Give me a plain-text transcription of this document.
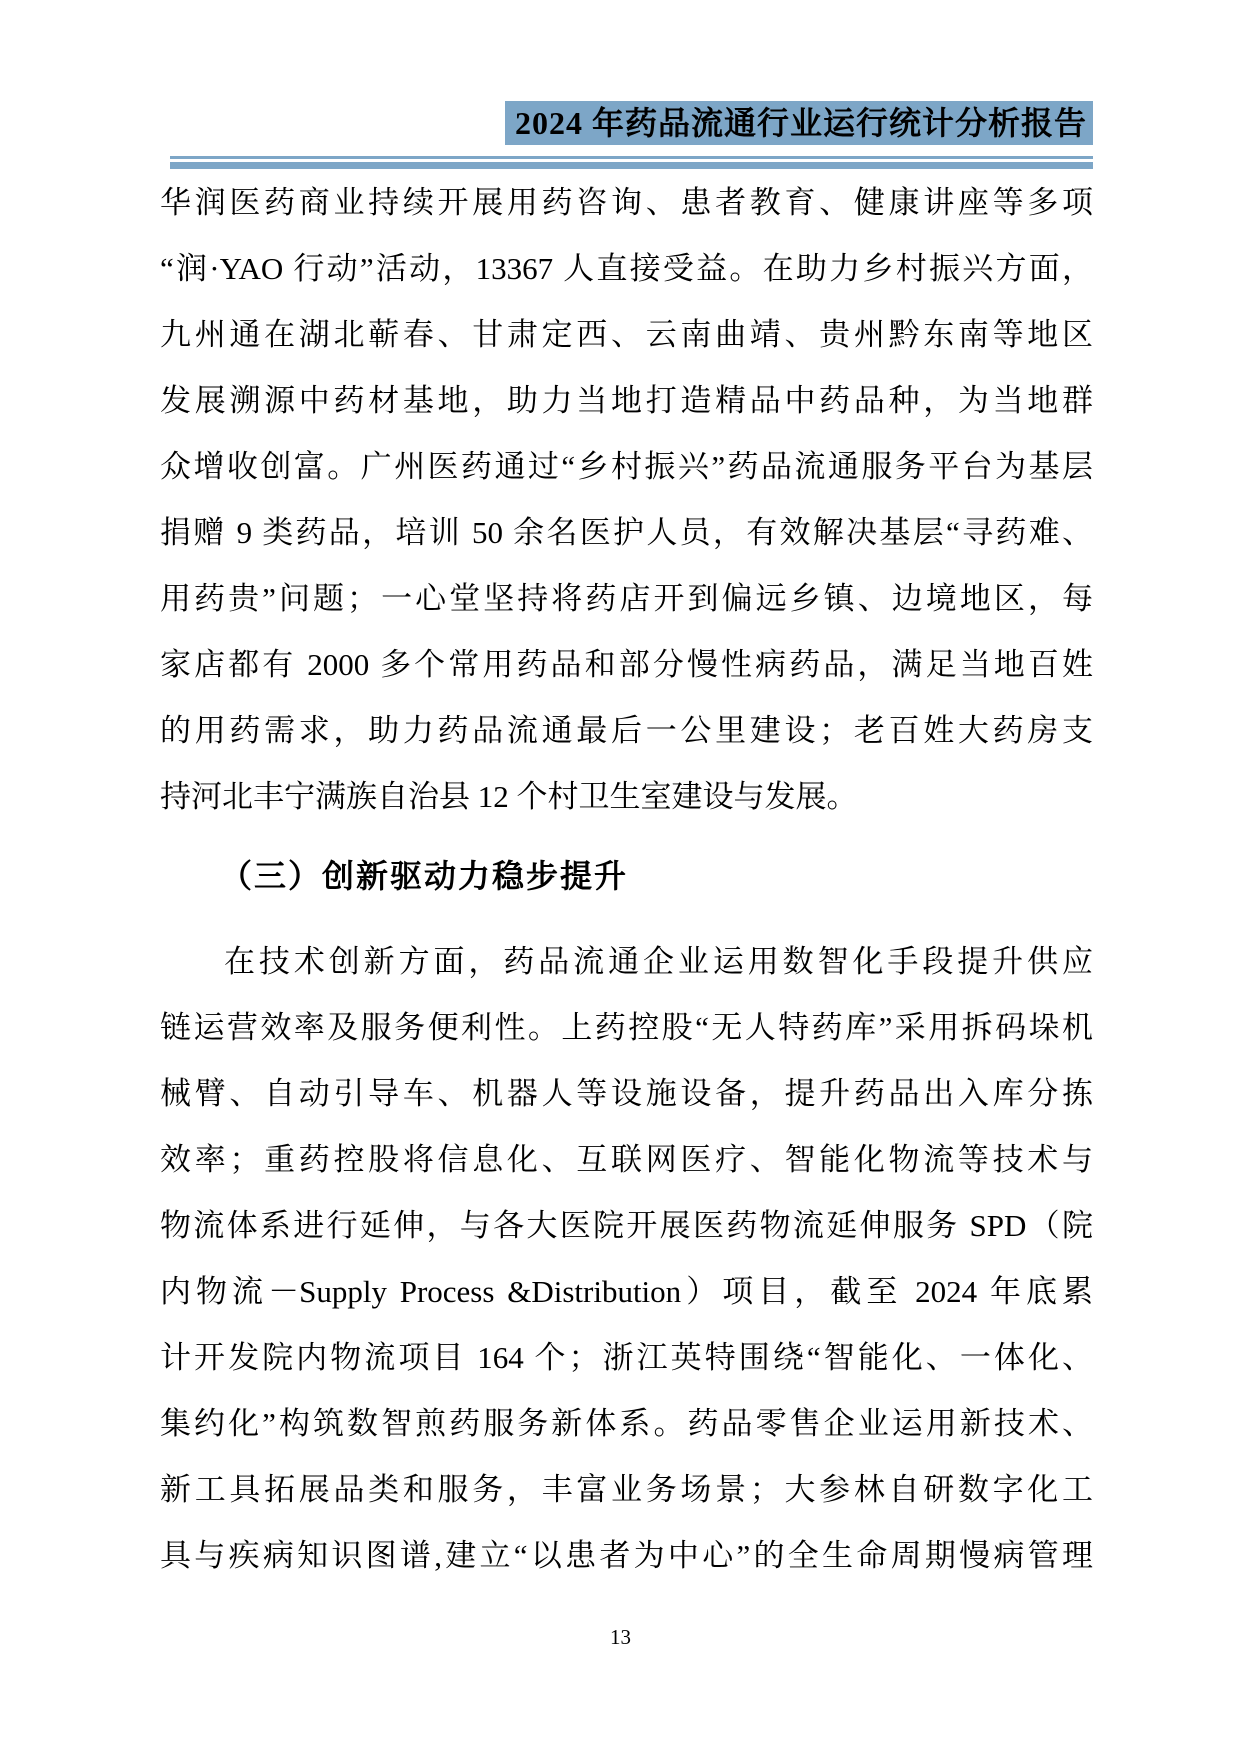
2024 年药品流通行业运行统计分析报告
华润医药商业持续开展用药咨询、患者教育、健康讲座等多项
“润·YAO 行动”活动，13367 人直接受益。在助力乡村振兴方面，
九州通在湖北蕲春、甘肃定西、云南曲靖、贵州黔东南等地区
发展溯源中药材基地，助力当地打造精品中药品种，为当地群
众增收创富。广州医药通过“乡村振兴”药品流通服务平台为基层
捐赠 9 类药品，培训 50 余名医护人员，有效解决基层“寻药难、
用药贵”问题；一心堂坚持将药店开到偏远乡镇、边境地区，每
家店都有 2000 多个常用药品和部分慢性病药品，满足当地百姓
的用药需求，助力药品流通最后一公里建设；老百姓大药房支
持河北丰宁满族自治县 12 个村卫生室建设与发展。
（三）创新驱动力稳步提升
在技术创新方面，药品流通企业运用数智化手段提升供应
链运营效率及服务便利性。上药控股“无人特药库”采用拆码垛机
械臂、自动引导车、机器人等设施设备，提升药品出入库分拣
效率；重药控股将信息化、互联网医疗、智能化物流等技术与
物流体系进行延伸，与各大医院开展医药物流延伸服务 SPD（院
内物流－Supply Process &Distribution）项目，截至 2024 年底累
计开发院内物流项目 164 个；浙江英特围绕“智能化、一体化、
集约化”构筑数智煎药服务新体系。药品零售企业运用新技术、
新工具拓展品类和服务，丰富业务场景；大参林自研数字化工
具与疾病知识图谱,建立“以患者为中心”的全生命周期慢病管理
13
